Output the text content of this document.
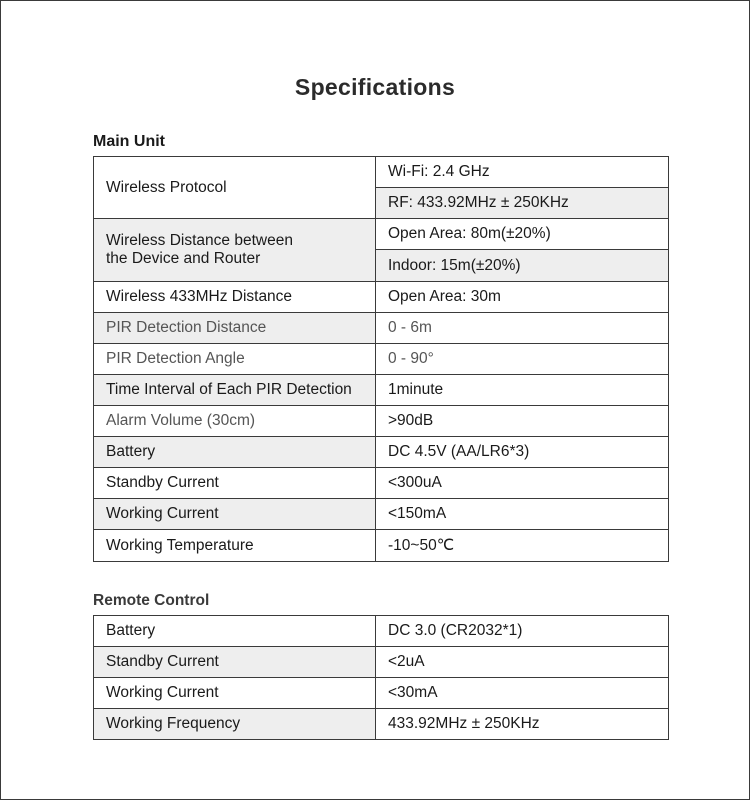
Specifications
Main Unit
Wireless Protocol	Wi-Fi: 2.4 GHz
	RF: 433.92MHz ± 250KHz

Wireless Distance between
the Device and Router	Open Area: 80m(±20%)
	Indoor: 15m(±20%)
Wireless 433MHz Distance	Open Area: 30m
PIR Detection Distance	0 - 6m
PIR Detection Angle	0 - 90°
Time Interval of Each PIR Detection	1minute
Alarm Volume (30cm)	>90dB
Battery	DC 4.5V (AA/LR6*3)
Standby Current	<300uA
Working Current	<150mA
Working Temperature	-10~50℃
Remote Control
Battery	DC 3.0 (CR2032*1)
Standby Current	<2uA
Working Current	<30mA
Working Frequency	433.92MHz ± 250KHz
